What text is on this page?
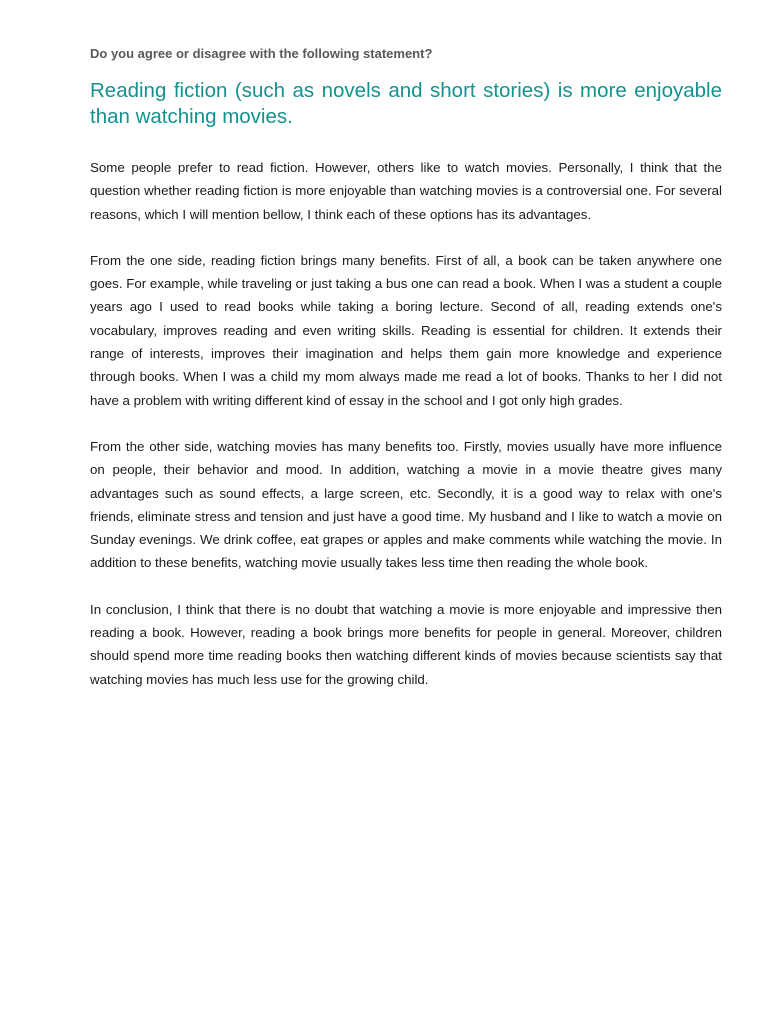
Do you agree or disagree with the following statement?

Reading fiction (such as novels and short stories) is more enjoyable than watching movies.

Some people prefer to read fiction. However, others like to watch movies. Personally, I think that the question whether reading fiction is more enjoyable than watching movies is a controversial one. For several reasons, which I will mention bellow, I think each of these options has its advantages.

From the one side, reading fiction brings many benefits. First of all, a book can be taken anywhere one goes. For example, while traveling or just taking a bus one can read a book. When I was a student a couple years ago I used to read books while taking a boring lecture. Second of all, reading extends one's vocabulary, improves reading and even writing skills. Reading is essential for children. It extends their range of interests, improves their imagination and helps them gain more knowledge and experience through books. When I was a child my mom always made me read a lot of books. Thanks to her I did not have a problem with writing different kind of essay in the school and I got only high grades.

From the other side, watching movies has many benefits too. Firstly, movies usually have more influence on people, their behavior and mood. In addition, watching a movie in a movie theatre gives many advantages such as sound effects, a large screen, etc. Secondly, it is a good way to relax with one's friends, eliminate stress and tension and just have a good time. My husband and I like to watch a movie on Sunday evenings. We drink coffee, eat grapes or apples and make comments while watching the movie. In addition to these benefits, watching movie usually takes less time then reading the whole book.

In conclusion, I think that there is no doubt that watching a movie is more enjoyable and impressive then reading a book. However, reading a book brings more benefits for people in general. Moreover, children should spend more time reading books then watching different kinds of movies because scientists say that watching movies has much less use for the growing child.
